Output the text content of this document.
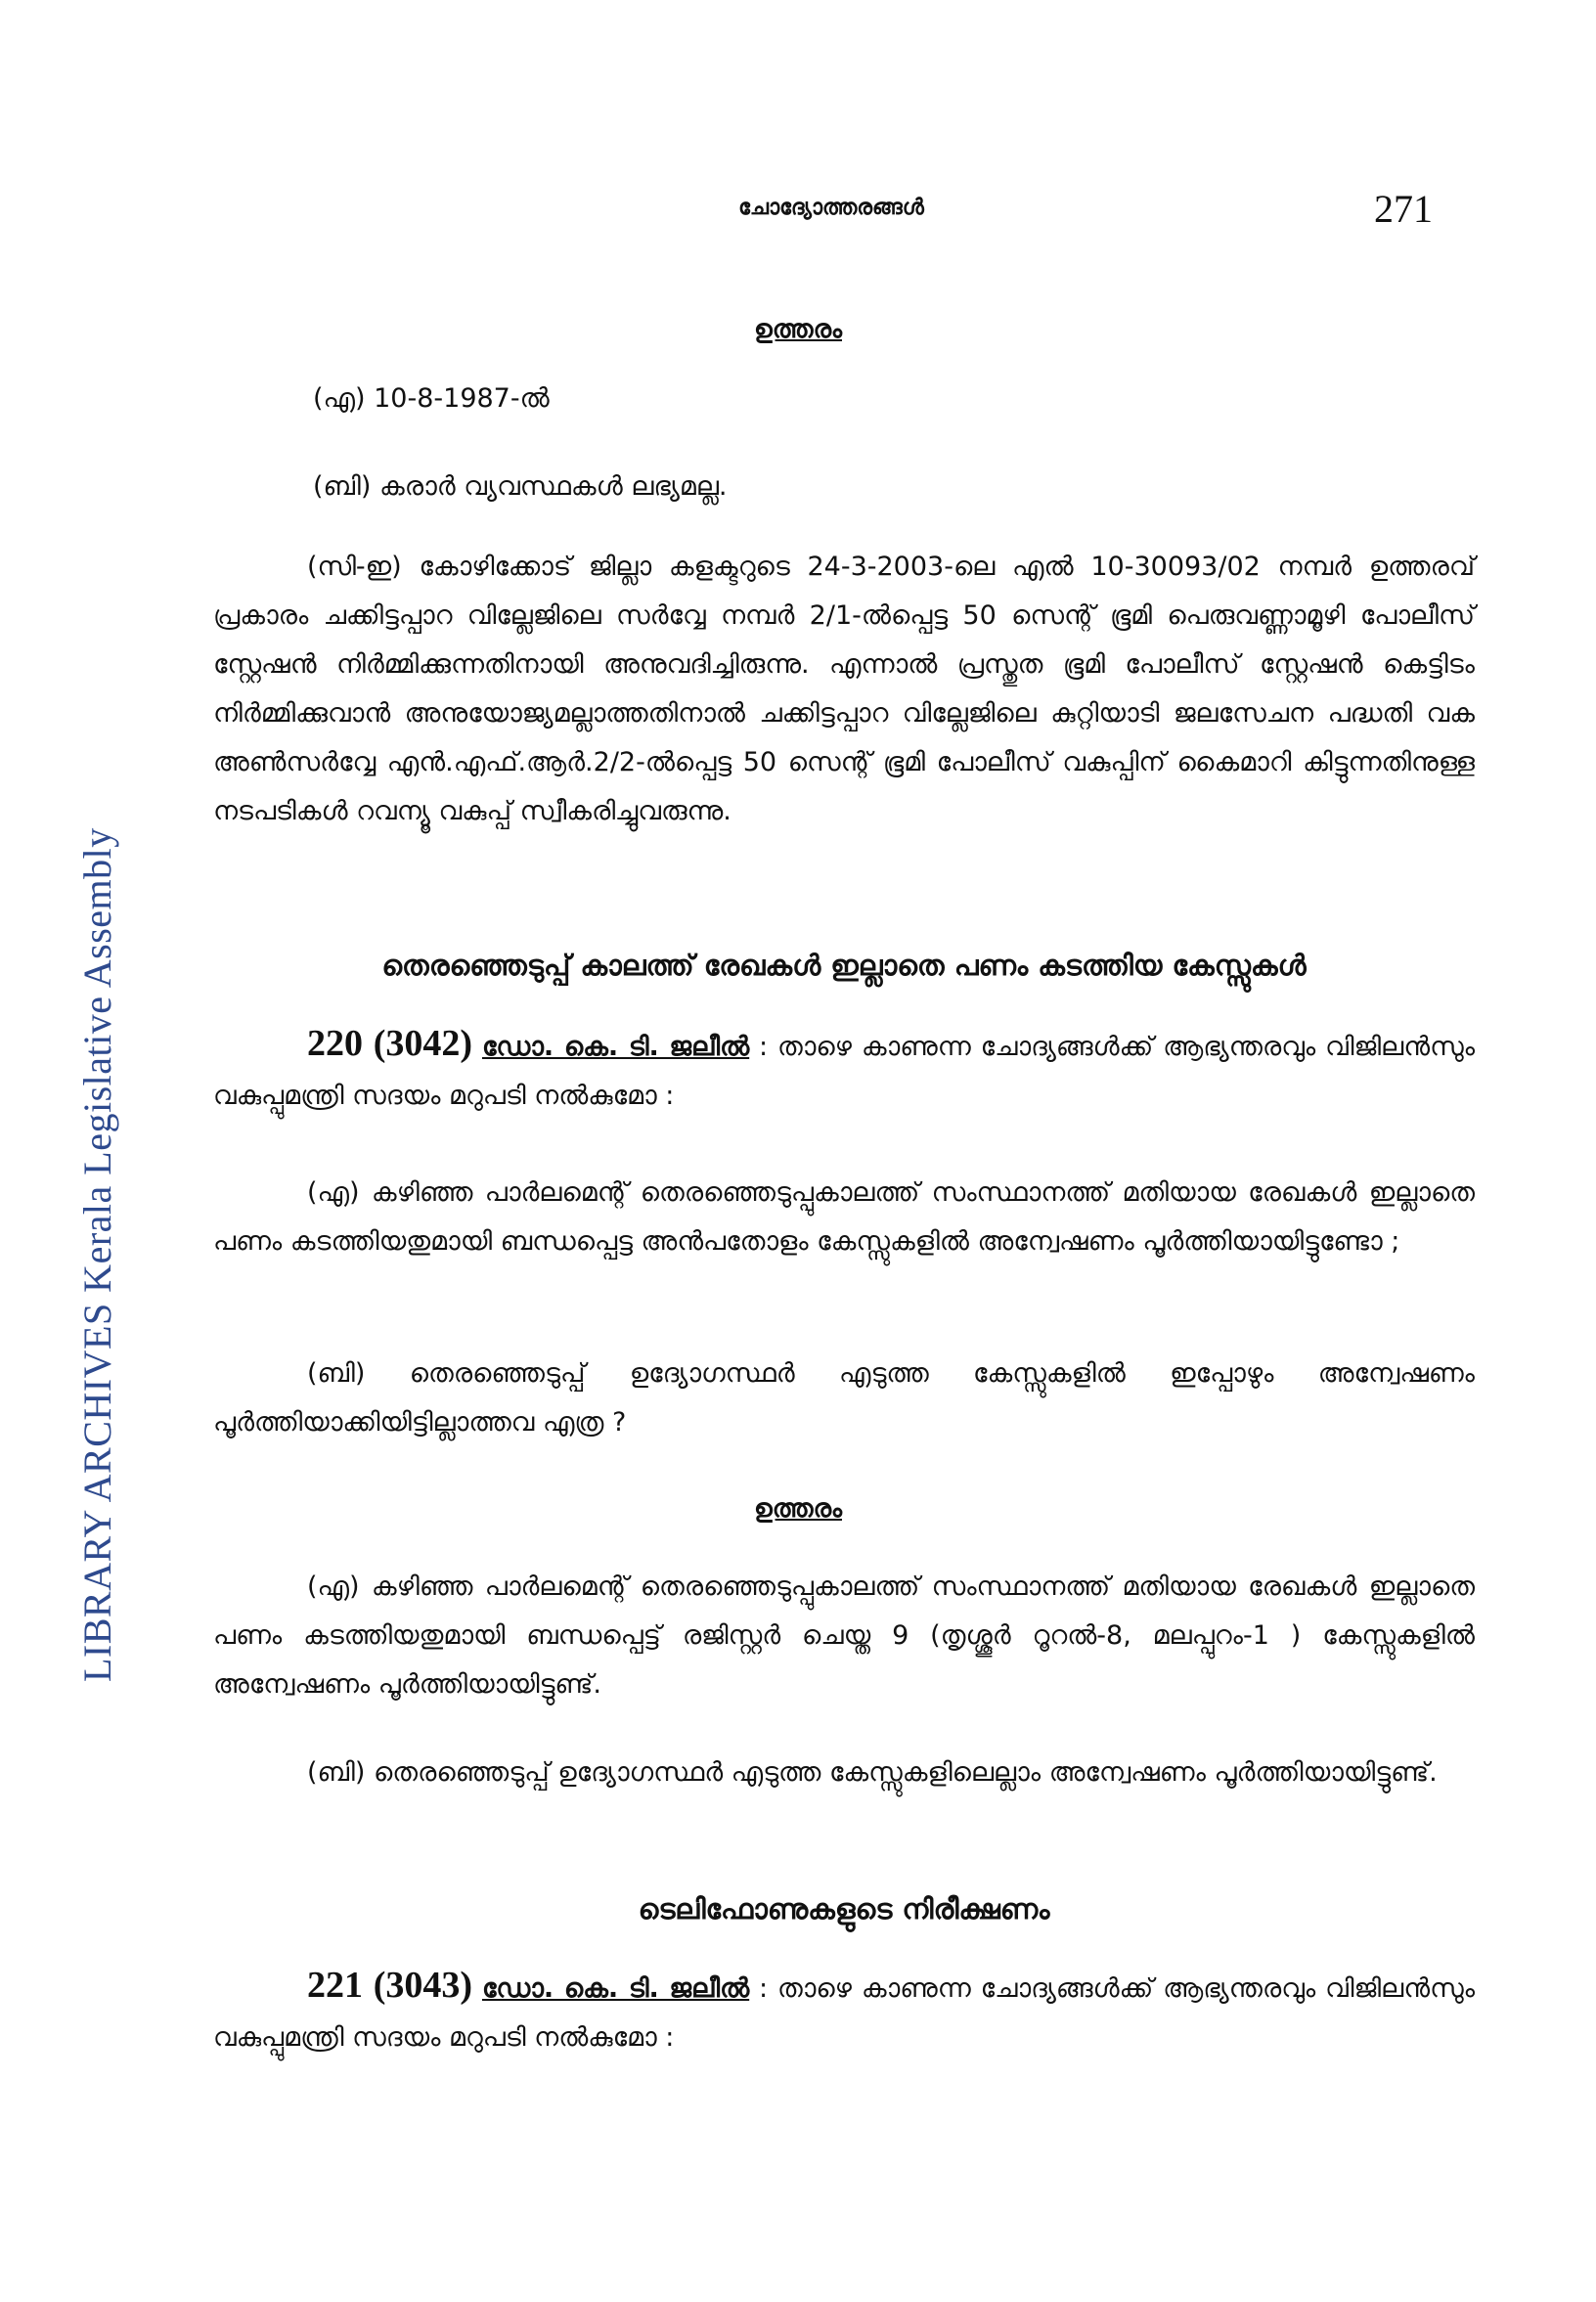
LIBRARY ARCHIVES Kerala Legislative Assembly
ചോദ്യോത്തരങ്ങൾ	271
ഉത്തരം
(എ) 10-8-1987-ൽ
(ബി) കരാർ വ്യവസ്ഥകൾ ലഭ്യമല്ല.
(സി-ഇ) കോഴിക്കോട് ജില്ലാ കളക്ടറുടെ 24-3-2003-ലെ എൽ 10-30093/02 നമ്പർ ഉത്തരവ് പ്രകാരം ചക്കിട്ടപ്പാറ വില്ലേജിലെ സർവ്വേ നമ്പർ 2/1-ൽപ്പെട്ട 50 സെന്റ് ഭൂമി പെരുവണ്ണാമൂഴി പോലീസ് സ്റ്റേഷൻ നിർമ്മിക്കുന്നതിനായി അനുവദിച്ചിരുന്നു. എന്നാൽ പ്രസ്തുത ഭൂമി പോലീസ് സ്റ്റേഷൻ കെട്ടിടം നിർമ്മിക്കുവാൻ അനുയോജ്യമല്ലാത്തതിനാൽ ചക്കിട്ടപ്പാറ വില്ലേജിലെ കുറ്റിയാടി ജലസേചന പദ്ധതി വക അൺസർവ്വേ എൻ.എഫ്.ആർ.2/2-ൽപ്പെട്ട 50 സെന്റ് ഭൂമി പോലീസ് വകുപ്പിന് കൈമാറി കിട്ടുന്നതിനുള്ള നടപടികൾ റവന്യൂ വകുപ്പ് സ്വീകരിച്ചുവരുന്നു.
തെരഞ്ഞെടുപ്പ് കാലത്ത് രേഖകൾ ഇല്ലാതെ പണം കടത്തിയ കേസ്സുകൾ
220 (3042) ഡോ. കെ. ടി. ജലീൽ : താഴെ കാണുന്ന ചോദ്യങ്ങൾക്ക് ആഭ്യന്തരവും വിജിലൻസും വകുപ്പുമന്ത്രി സദയം മറുപടി നൽകുമോ :
(എ) കഴിഞ്ഞ പാർലമെന്റ് തെരഞ്ഞെടുപ്പുകാലത്ത് സംസ്ഥാനത്ത് മതിയായ രേഖകൾ ഇല്ലാതെ പണം കടത്തിയതുമായി ബന്ധപ്പെട്ട അൻപതോളം കേസ്സുകളിൽ അന്വേഷണം പൂർത്തിയായിട്ടുണ്ടോ ;
(ബി) തെരഞ്ഞെടുപ്പ് ഉദ്യോഗസ്ഥർ എടുത്ത കേസ്സുകളിൽ ഇപ്പോഴും അന്വേഷണം പൂർത്തിയാക്കിയിട്ടില്ലാത്തവ എത്ര ?
ഉത്തരം
(എ) കഴിഞ്ഞ പാർലമെന്റ് തെരഞ്ഞെടുപ്പുകാലത്ത് സംസ്ഥാനത്ത് മതിയായ രേഖകൾ ഇല്ലാതെ പണം കടത്തിയതുമായി ബന്ധപ്പെട്ട് രജിസ്റ്റർ ചെയ്ത 9 (തൃശ്ശൂർ റൂറൽ-8, മലപ്പുറം-1 ) കേസ്സുകളിൽ അന്വേഷണം പൂർത്തിയായിട്ടുണ്ട്.
(ബി) തെരഞ്ഞെടുപ്പ് ഉദ്യോഗസ്ഥർ എടുത്ത കേസ്സുകളിലെല്ലാം അന്വേഷണം പൂർത്തിയായിട്ടുണ്ട്.
ടെലിഫോണുകളുടെ നിരീക്ഷണം
221 (3043) ഡോ. കെ. ടി. ജലീൽ : താഴെ കാണുന്ന ചോദ്യങ്ങൾക്ക് ആഭ്യന്തരവും വിജിലൻസും വകുപ്പുമന്ത്രി സദയം മറുപടി നൽകുമോ :
